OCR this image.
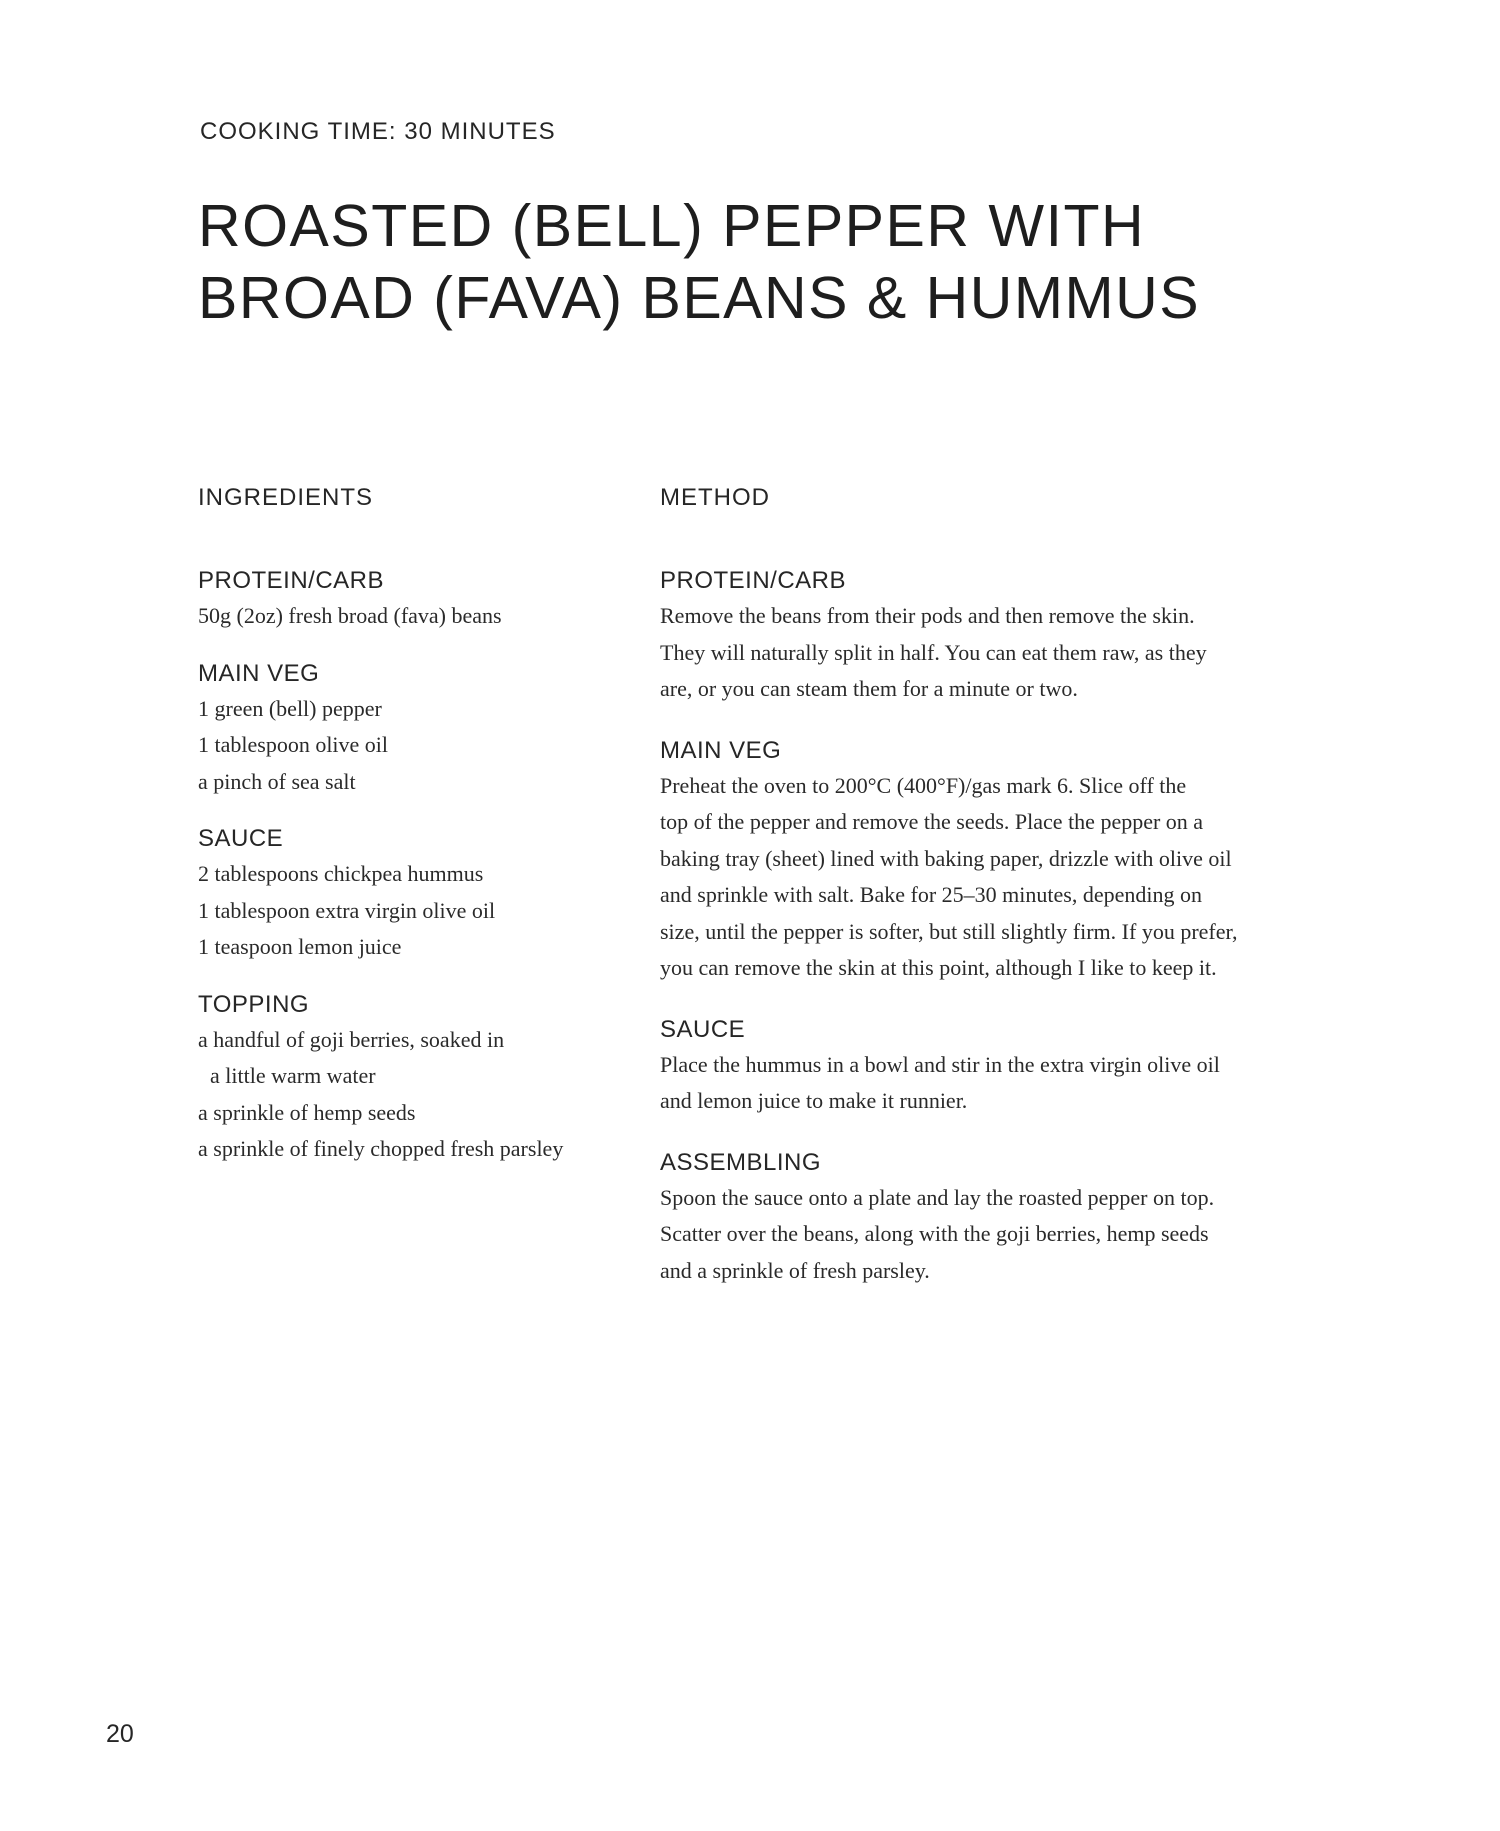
COOKING TIME: 30 MINUTES
ROASTED (BELL) PEPPER WITH
BROAD (FAVA) BEANS & HUMMUS
INGREDIENTS
PROTEIN/CARB
50g (2oz) fresh broad (fava) beans
MAIN VEG
1 green (bell) pepper
1 tablespoon olive oil
a pinch of sea salt
SAUCE
2 tablespoons chickpea hummus
1 tablespoon extra virgin olive oil
1 teaspoon lemon juice
TOPPING
a handful of goji berries, soaked in
a little warm water
a sprinkle of hemp seeds
a sprinkle of finely chopped fresh parsley
METHOD
PROTEIN/CARB

Remove the beans from their pods and then remove the skin.
They will naturally split in half. You can eat them raw, as they
are, or you can steam them for a minute or two.

MAIN VEG

Preheat the oven to 200°C (400°F)/gas mark 6. Slice off the
top of the pepper and remove the seeds. Place the pepper on a
baking tray (sheet) lined with baking paper, drizzle with olive oil
and sprinkle with salt. Bake for 25–30 minutes, depending on
size, until the pepper is softer, but still slightly firm. If you prefer,
you can remove the skin at this point, although I like to keep it.

SAUCE

Place the hummus in a bowl and stir in the extra virgin olive oil
and lemon juice to make it runnier.

ASSEMBLING

Spoon the sauce onto a plate and lay the roasted pepper on top.
Scatter over the beans, along with the goji berries, hemp seeds
and a sprinkle of fresh parsley.

20
